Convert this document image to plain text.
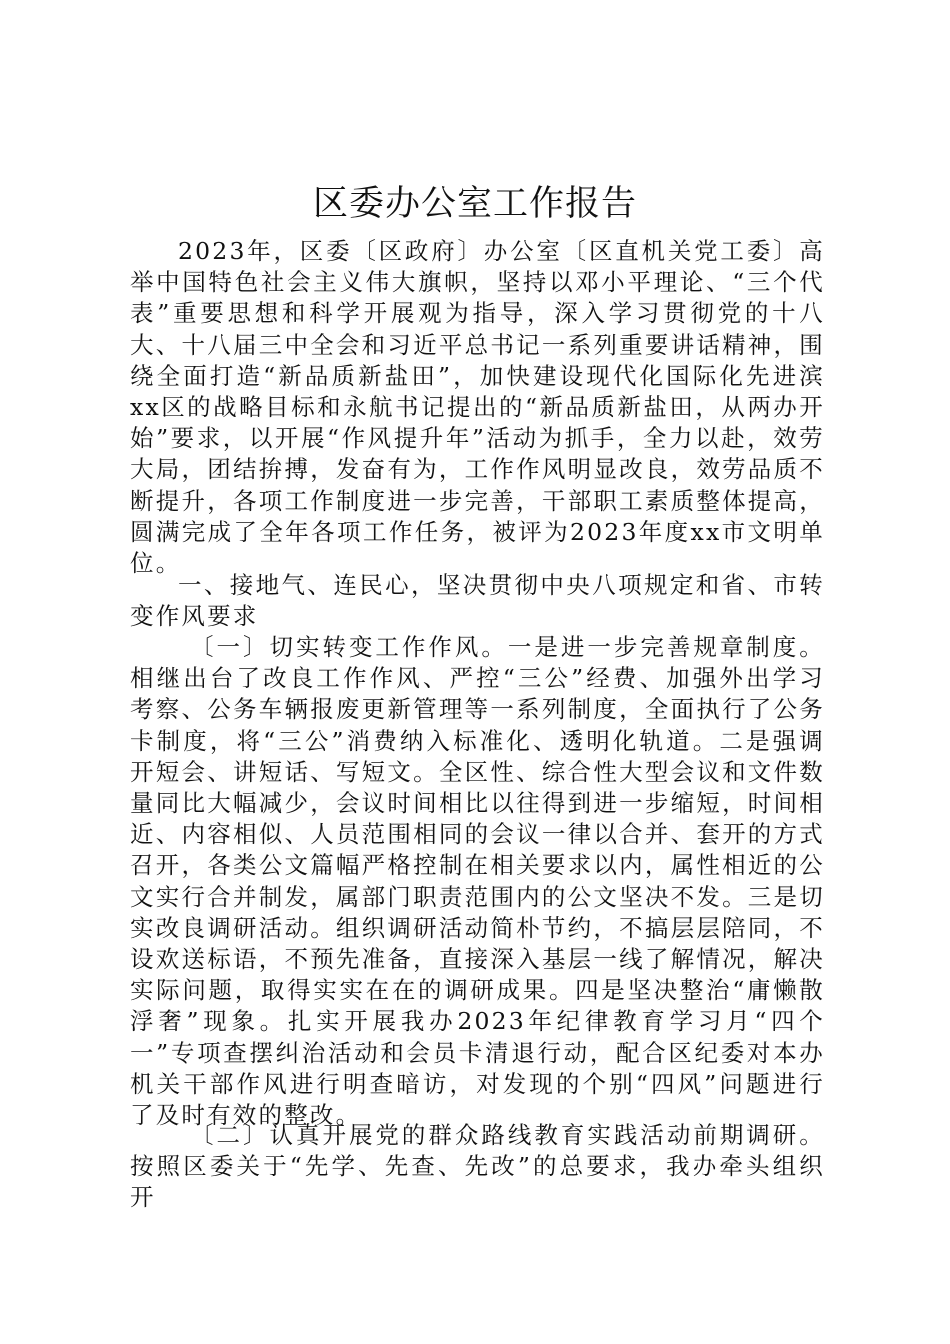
区委办公室工作报告

2023年，区委〔区政府〕办公室〔区直机关党工委〕高举中国特色社会主义伟大旗帜，坚持以邓小平理论、“三个代表”重要思想和科学开展观为指导，深入学习贯彻党的十八大、十八届三中全会和习近平总书记一系列重要讲话精神，围绕全面打造“新品质新盐田”，加快建设现代化国际化先进滨xx区的战略目标和永航书记提出的“新品质新盐田，从两办开始”要求，以开展“作风提升年”活动为抓手，全力以赴，效劳大局，团结拚搏，发奋有为，工作作风明显改良，效劳品质不断提升，各项工作制度进一步完善，干部职工素质整体提高，圆满完成了全年各项工作任务，被评为2023年度xx市文明单位。

一、接地气、连民心，坚决贯彻中央八项规定和省、市转变作风要求

〔一〕切实转变工作作风。一是进一步完善规章制度。相继出台了改良工作作风、严控“三公”经费、加强外出学习考察、公务车辆报废更新管理等一系列制度，全面执行了公务卡制度，将“三公”消费纳入标准化、透明化轨道。二是强调开短会、讲短话、写短文。全区性、综合性大型会议和文件数量同比大幅减少，会议时间相比以往得到进一步缩短，时间相近、内容相似、人员范围相同的会议一律以合并、套开的方式召开，各类公文篇幅严格控制在相关要求以内，属性相近的公文实行合并制发，属部门职责范围内的公文坚决不发。三是切实改良调研活动。组织调研活动简朴节约，不搞层层陪同，不设欢送标语，不预先准备，直接深入基层一线了解情况，解决实际问题，取得实实在在的调研成果。四是坚决整治“庸懒散浮奢”现象。扎实开展我办2023年纪律教育学习月“四个一”专项查摆纠治活动和会员卡清退行动，配合区纪委对本办机关干部作风进行明查暗访，对发现的个别“四风”问题进行了及时有效的整改。

〔二〕认真开展党的群众路线教育实践活动前期调研。按照区委关于“先学、先查、先改”的总要求，我办牵头组织开
